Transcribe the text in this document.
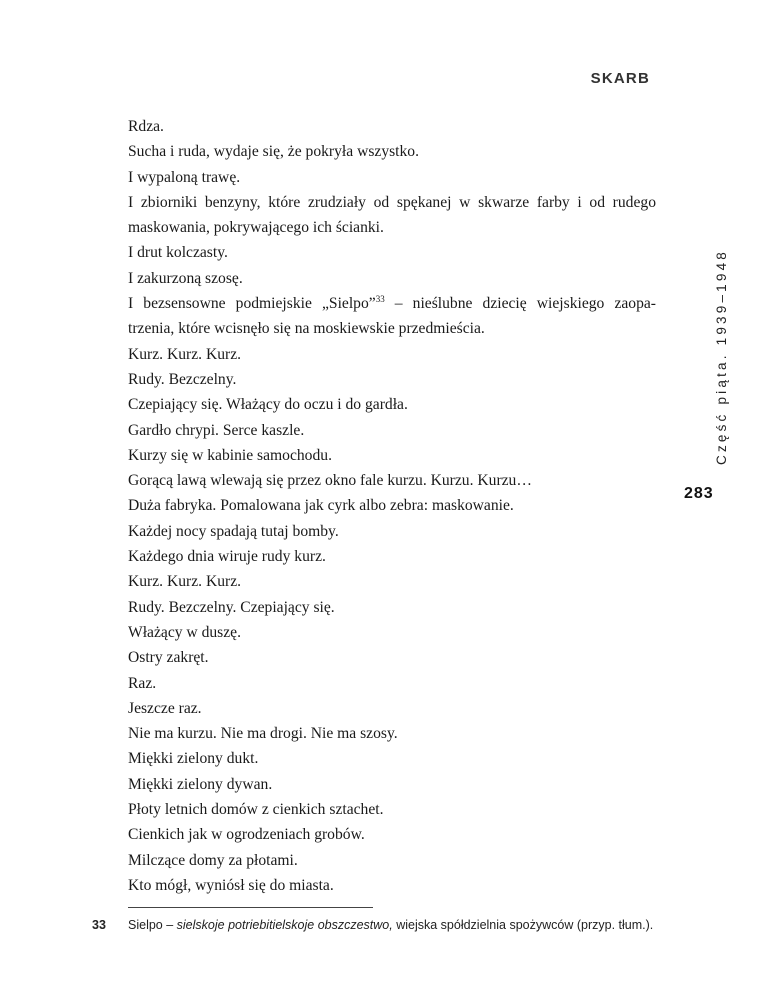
SKARB
Rdza.
Sucha i ruda, wydaje się, że pokryła wszystko.
I wypaloną trawę.
I zbiorniki benzyny, które zrudziały od spękanej w skwarze farby i od rudego
maskowania, pokrywającego ich ścianki.
I drut kolczasty.
I zakurzoną szosę.
I bezsensowne podmiejskie „Sielpo”$^{33}$ – nieślubne dziecię wiejskiego zaopa-
trzenia, które wcisnęło się na moskiewskie przedmieścia.
Kurz. Kurz. Kurz.
Rudy. Bezczelny.
Czepiający się. Włażący do oczu i do gardła.
Gardło chrypi. Serce kaszle.
Kurzy się w kabinie samochodu.
Gorącą lawą wlewają się przez okno fale kurzu. Kurzu. Kurzu…
Duża fabryka. Pomalowana jak cyrk albo zebra: maskowanie.
Każdej nocy spadają tutaj bomby.
Każdego dnia wiruje rudy kurz.
Kurz. Kurz. Kurz.
Rudy. Bezczelny. Czepiający się.
Włażący w duszę.
Ostry zakręt.
Raz.
Jeszcze raz.
Nie ma kurzu. Nie ma drogi. Nie ma szosy.
Miękki zielony dukt.
Miękki zielony dywan.
Płoty letnich domów z cienkich sztachet.
Cienkich jak w ogrodzeniach grobów.
Milczące domy za płotami.
Kto mógł, wyniósł się do miasta.
Część piąta. 1939–1948
283
33 Sielpo – sielskoje potriebitielskoje obszczestwo, wiejska spółdzielnia spożywców (przyp. tłum.).
